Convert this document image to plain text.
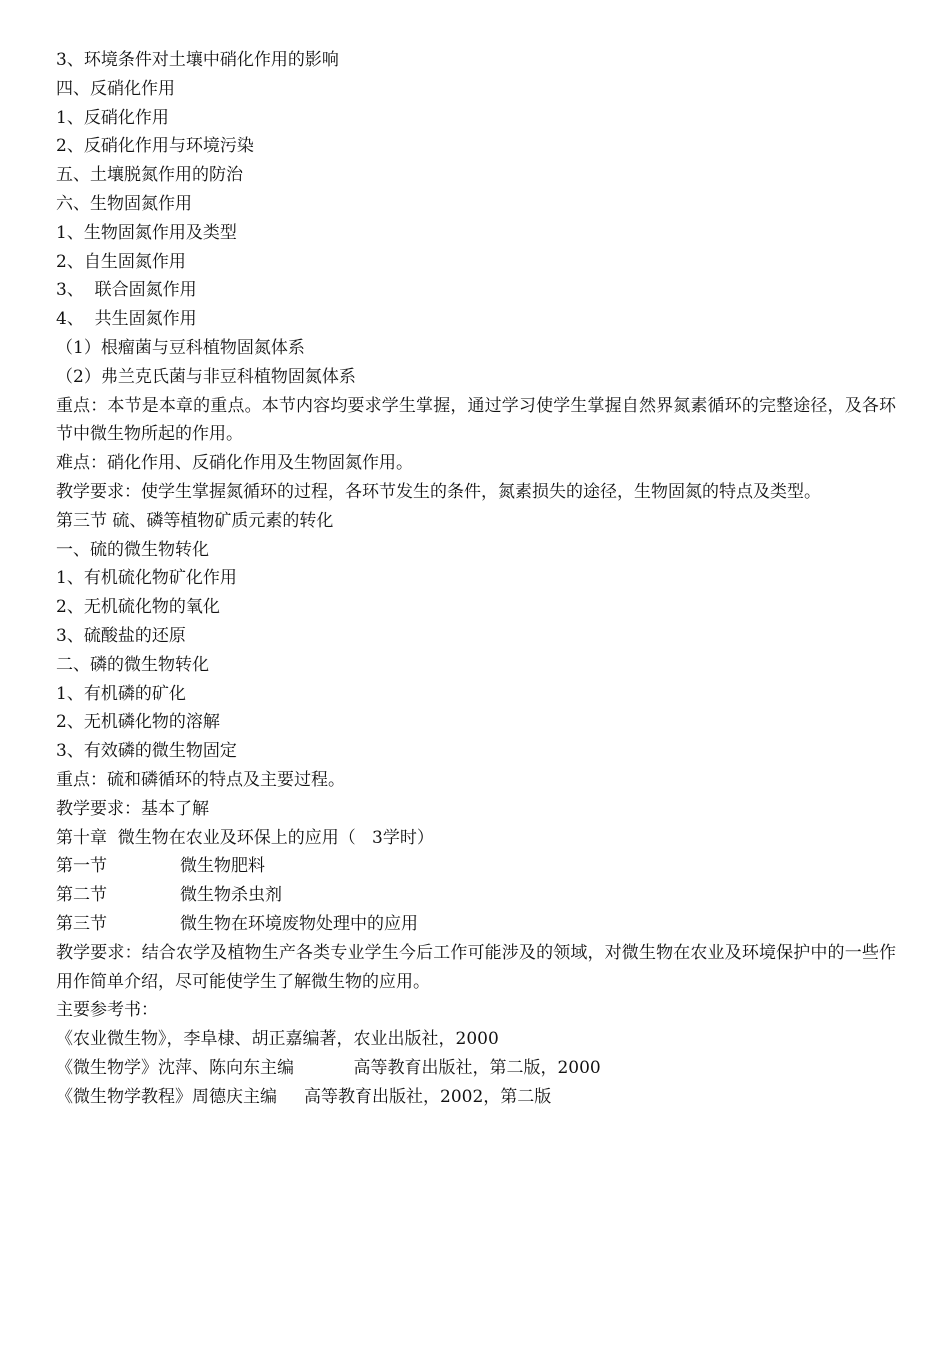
3、环境条件对土壤中硝化作用的影响

四、反硝化作用

1、反硝化作用

2、反硝化作用与环境污染

五、土壤脱氮作用的防治

六、生物固氮作用

1、生物固氮作用及类型

2、自生固氮作用

3、  联合固氮作用

4、  共生固氮作用

（1）根瘤菌与豆科植物固氮体系

（2）弗兰克氏菌与非豆科植物固氮体系

重点：本节是本章的重点。本节内容均要求学生掌握，通过学习使学生掌握自然界氮素循环的完整途径，及各环节中微生物所起的作用。

难点：硝化作用、反硝化作用及生物固氮作用。

教学要求：使学生掌握氮循环的过程，各环节发生的条件，氮素损失的途径，生物固氮的特点及类型。

第三节 硫、磷等植物矿质元素的转化

一、硫的微生物转化

1、有机硫化物矿化作用

2、无机硫化物的氧化

3、硫酸盐的还原

二、磷的微生物转化

1、有机磷的矿化

2、无机磷化物的溶解

3、有效磷的微生物固定

重点：硫和磷循环的特点及主要过程。

教学要求：基本了解

第十章  微生物在农业及环保上的应用（   3学时）

第一节	微生物肥料
第二节	微生物杀虫剂
第三节	微生物在环境废物处理中的应用

教学要求：结合农学及植物生产各类专业学生今后工作可能涉及的领域，对微生物在农业及环境保护中的一些作用作简单介绍，尽可能使学生了解微生物的应用。

主要参考书：

《农业微生物》，李阜棣、胡正嘉编著，农业出版社，2000

《微生物学》沈萍、陈向东主编           高等教育出版社，第二版，2000

《微生物学教程》周德庆主编     高等教育出版社，2002，第二版
